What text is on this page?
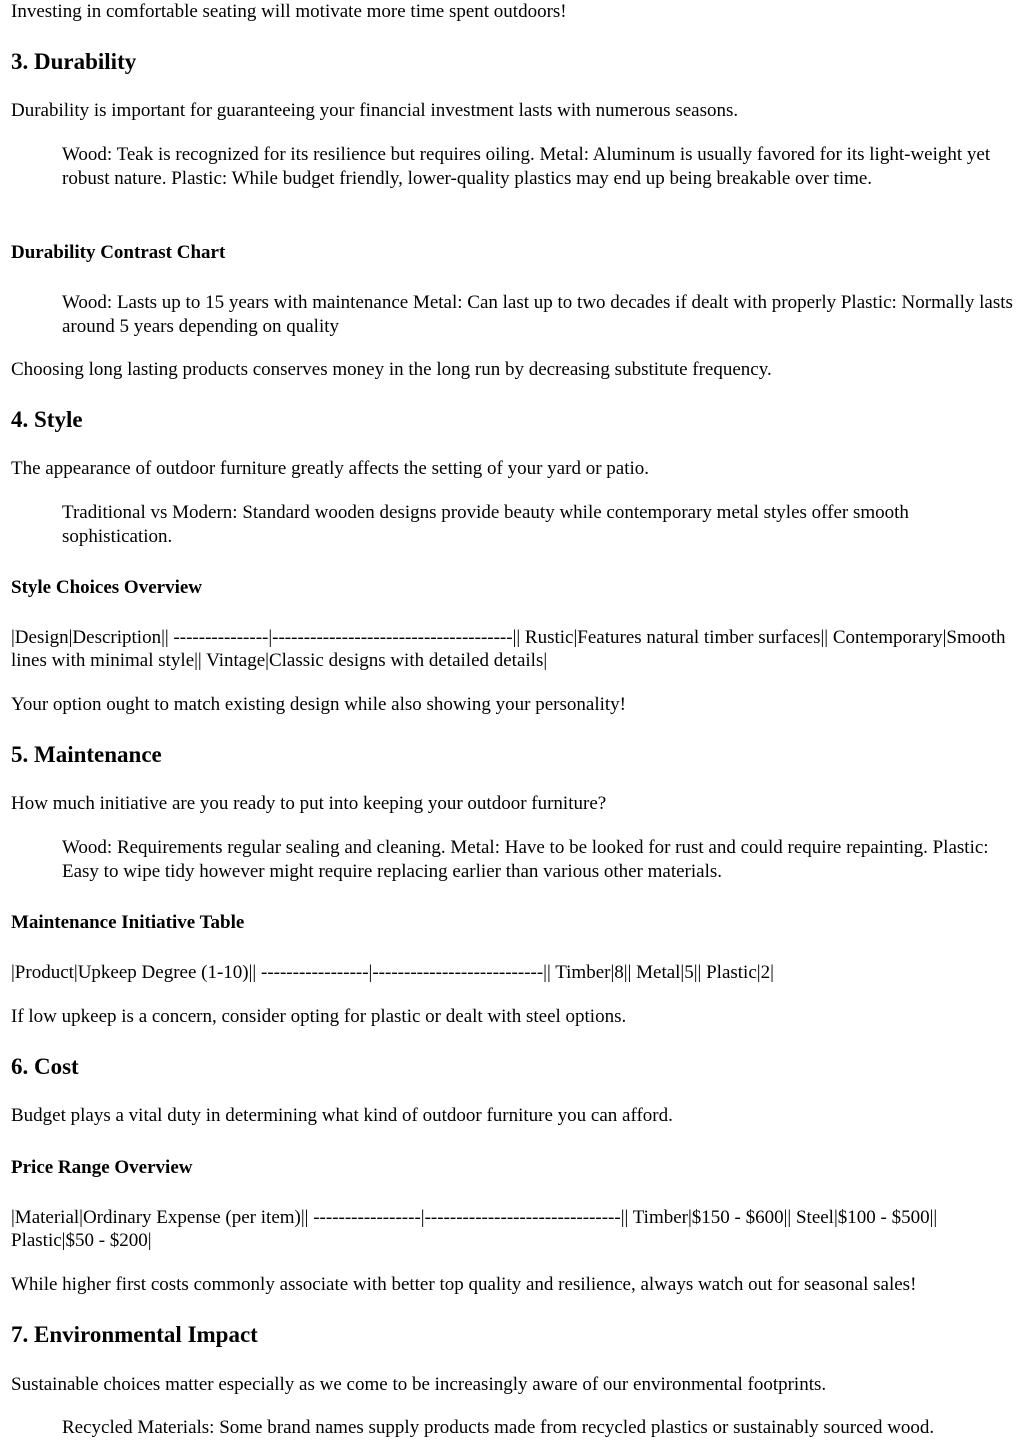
Investing in comfortable seating will motivate more time spent outdoors!

3. Durability

Durability is important for guaranteeing your financial investment lasts with numerous seasons.

Wood: Teak is recognized for its resilience but requires oiling. Metal: Aluminum is usually favored for its light-weight yet robust nature. Plastic: While budget friendly, lower-quality plastics may end up being breakable over time.
Durability Contrast Chart
Wood: Lasts up to 15 years with maintenance Metal: Can last up to two decades if dealt with properly Plastic: Normally lasts around 5 years depending on quality

Choosing long lasting products conserves money in the long run by decreasing substitute frequency.

4. Style

The appearance of outdoor furniture greatly affects the setting of your yard or patio.

Traditional vs Modern: Standard wooden designs provide beauty while contemporary metal styles offer smooth sophistication.
Style Choices Overview

|Design|Description|| ---------------|--------------------------------------|| Rustic|Features natural timber surfaces|| Contemporary|Smooth lines with minimal style|| Vintage|Classic designs with detailed details|

Your option ought to match existing design while also showing your personality!

5. Maintenance

How much initiative are you ready to put into keeping your outdoor furniture?

Wood: Requirements regular sealing and cleaning. Metal: Have to be looked for rust and could require repainting. Plastic: Easy to wipe tidy however might require replacing earlier than various other materials.
Maintenance Initiative Table

|Product|Upkeep Degree (1-10)|| -----------------|---------------------------|| Timber|8|| Metal|5|| Plastic|2|

If low upkeep is a concern, consider opting for plastic or dealt with steel options.

6. Cost

Budget plays a vital duty in determining what kind of outdoor furniture you can afford.

Price Range Overview

|Material|Ordinary Expense (per item)|| -----------------|-------------------------------|| Timber|$150 - $600|| Steel|$100 - $500|| Plastic|$50 - $200|

While higher first costs commonly associate with better top quality and resilience, always watch out for seasonal sales!

7. Environmental Impact

Sustainable choices matter especially as we come to be increasingly aware of our environmental footprints.

Recycled Materials: Some brand names supply products made from recycled plastics or sustainably sourced wood.
